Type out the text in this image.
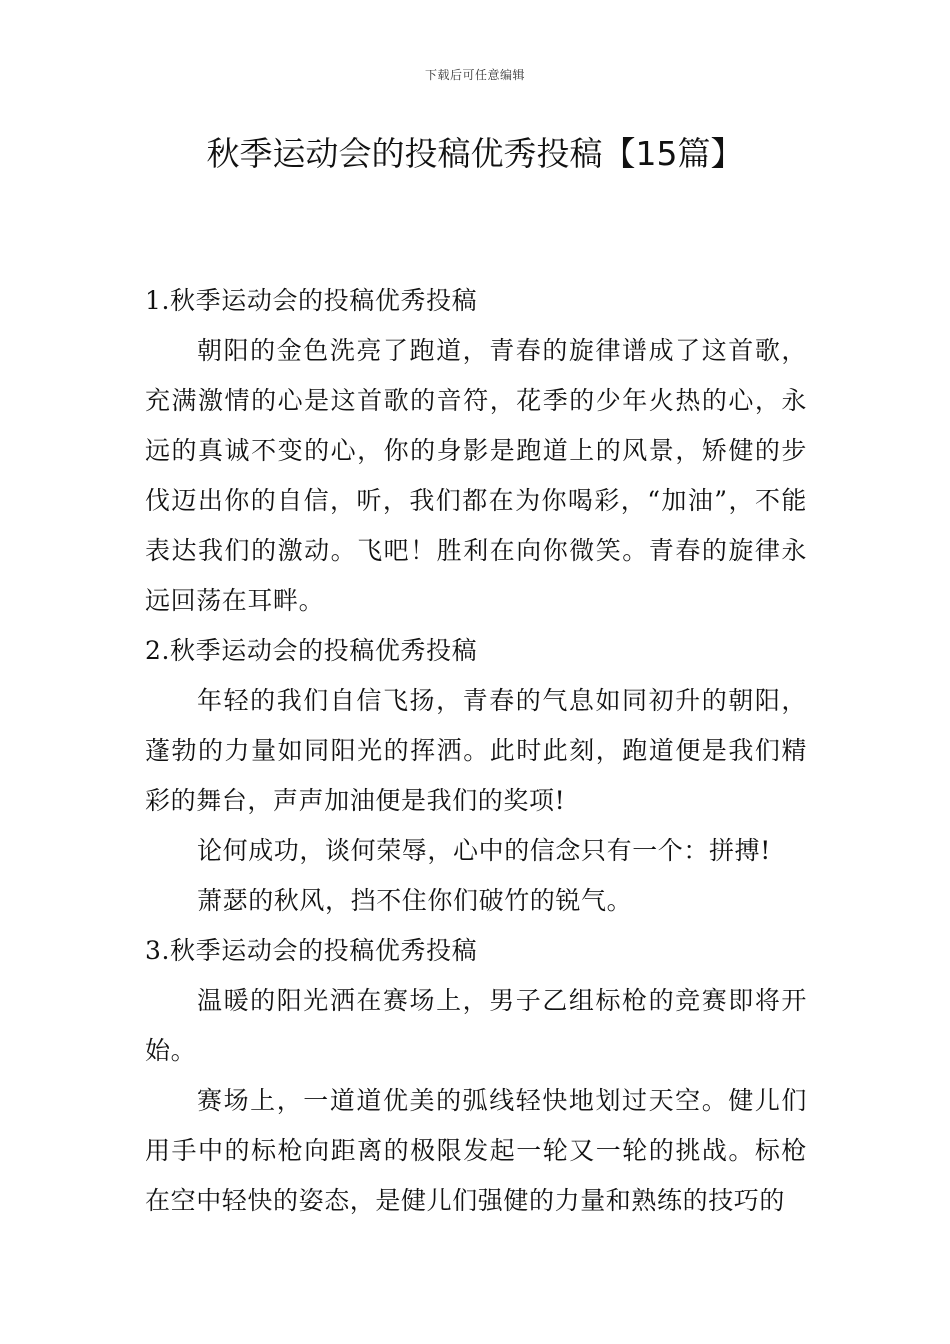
下载后可任意编辑
秋季运动会的投稿优秀投稿【15篇】

1.秋季运动会的投稿优秀投稿

朝阳的金色洗亮了跑道，青春的旋律谱成了这首歌，充满激情的心是这首歌的音符，花季的少年火热的心，永远的真诚不变的心，你的身影是跑道上的风景，矫健的步伐迈出你的自信，听，我们都在为你喝彩，“加油”，不能表达我们的激动。飞吧！胜利在向你微笑。青春的旋律永远回荡在耳畔。

2.秋季运动会的投稿优秀投稿

年轻的我们自信飞扬，青春的气息如同初升的朝阳，蓬勃的力量如同阳光的挥洒。此时此刻，跑道便是我们精彩的舞台，声声加油便是我们的奖项!

论何成功，谈何荣辱，心中的信念只有一个：拼搏!

萧瑟的秋风，挡不住你们破竹的锐气。

3.秋季运动会的投稿优秀投稿

温暖的阳光洒在赛场上，男子乙组标枪的竞赛即将开始。

赛场上，一道道优美的弧线轻快地划过天空。健儿们用手中的标枪向距离的极限发起一轮又一轮的挑战。标枪在空中轻快的姿态，是健儿们强健的力量和熟练的技巧的
